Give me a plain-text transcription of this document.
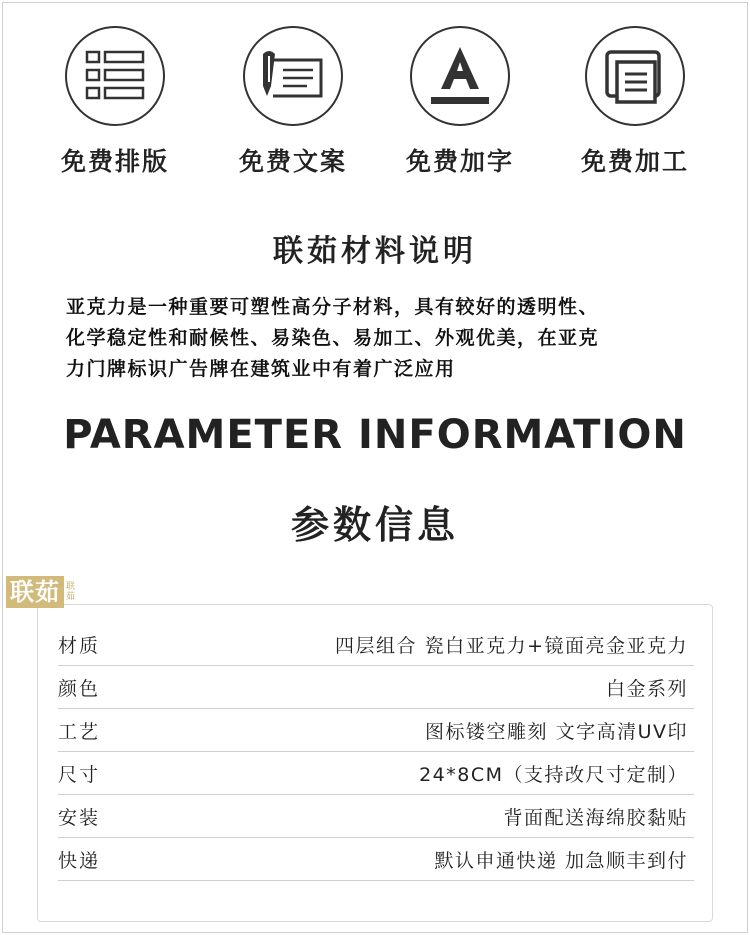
免费排版	免费文案	免费加字	免费加工
联茹材料说明
亚克力是一种重要可塑性高分子材料，具有较好的透明性、
化学稳定性和耐候性、易染色、易加工、外观优美，在亚克
力门牌标识广告牌在建筑业中有着广泛应用
PARAMETER INFORMATION
参数信息
材质	四层组合 瓷白亚克力+镜面亮金亚克力
颜色	白金系列
工艺	图标镂空雕刻 文字高清UV印
尺寸	24*8CM（支持改尺寸定制）
安装	背面配送海绵胶黏贴
快递	默认申通快递 加急顺丰到付
联茹 联茹
